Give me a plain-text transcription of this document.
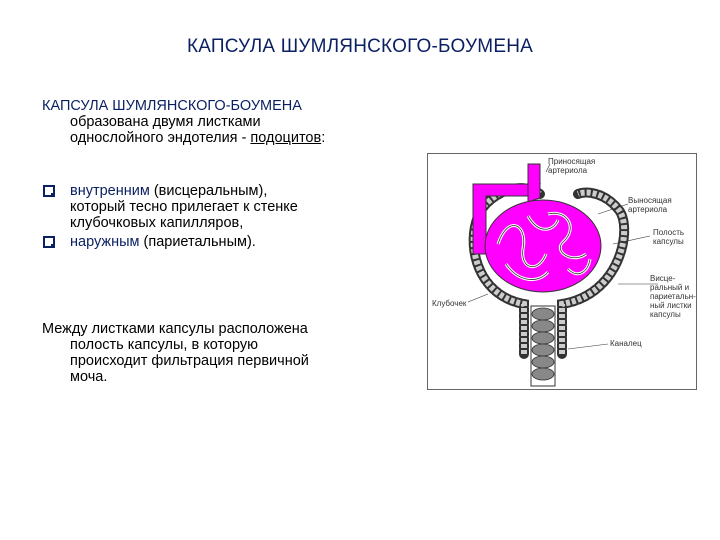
КАПСУЛА ШУМЛЯНСКОГО-БОУМЕНА
КАПСУЛА ШУМЛЯНСКОГО-БОУМЕНА
образована двумя листками
однослойного эндотелия - подоцитов:
внутренним (висцеральным),
который тесно прилегает к стенке
клубочковых капилляров,
наружным (париетальным).
Между листками капсулы расположена
полость капсулы, в которую
происходит фильтрация первичной
моча.
Приносящая
артериола
Выносящая
артериола
Полость
капсулы
Висце-
ральный и
париетальн-
ный листки
капсулы
Клубочек
Каналец
